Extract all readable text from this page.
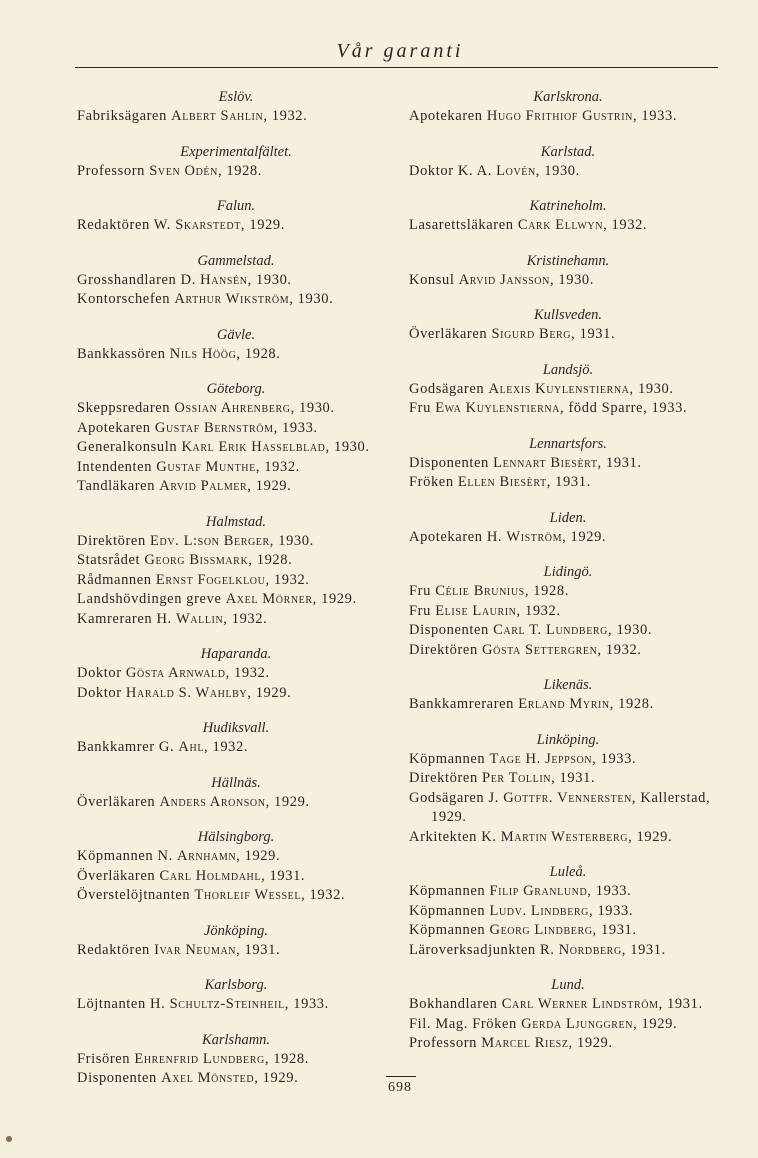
Vår garanti
Eslöv.
Fabriksägaren Albert Sahlin, 1932.
Experimentalfältet.
Professorn Sven Odén, 1928.
Falun.
Redaktören W. Skarstedt, 1929.
Gammelstad.
Grosshandlaren D. Hansén, 1930.
Kontorschefen Arthur Wikström, 1930.
Gävle.
Bankkassören Nils Höög, 1928.
Göteborg.
Skeppsredaren Ossian Ahrenberg, 1930.
Apotekaren Gustaf Bernström, 1933.
Generalkonsuln Karl Erik Hasselblad, 1930.
Intendenten Gustaf Munthe, 1932.
Tandläkaren Arvid Palmer, 1929.
Halmstad.
Direktören Edv. L:son Berger, 1930.
Statsrådet Georg Bissmark, 1928.
Rådmannen Ernst Fogelklou, 1932.
Landshövdingen greve Axel Mörner, 1929.
Kamreraren H. Wallin, 1932.
Haparanda.
Doktor Gösta Arnwald, 1932.
Doktor Harald S. Wahlby, 1929.
Hudiksvall.
Bankkamrer G. Ahl, 1932.
Hällnäs.
Överläkaren Anders Aronson, 1929.
Hälsingborg.
Köpmannen N. Arnhamn, 1929.
Överläkaren Carl Holmdahl, 1931.
Överstelöjtnanten Thorleif Wessel, 1932.
Jönköping.
Redaktören Ivar Neuman, 1931.
Karlsborg.
Löjtnanten H. Schultz-Steinheil, 1933.
Karlshamn.
Frisören Ehrenfrid Lundberg, 1928.
Disponenten Axel Mönsted, 1929.
Karlskrona.
Apotekaren Hugo Frithiof Gustrin, 1933.
Karlstad.
Doktor K. A. Lovén, 1930.
Katrineholm.
Lasarettsläkaren Cark Ellwyn, 1932.
Kristinehamn.
Konsul Arvid Jansson, 1930.
Kullsveden.
Överläkaren Sigurd Berg, 1931.
Landsjö.
Godsägaren Alexis Kuylenstierna, 1930.
Fru Ewa Kuylenstierna, född Sparre, 1933.
Lennartsfors.
Disponenten Lennart Biesèrt, 1931.
Fröken Ellen Biesèrt, 1931.
Liden.
Apotekaren H. Wiström, 1929.
Lidingö.
Fru Célie Brunius, 1928.
Fru Elise Laurin, 1932.
Disponenten Carl T. Lundberg, 1930.
Direktören Gösta Settergren, 1932.
Likenäs.
Bankkamreraren Erland Myrin, 1928.
Linköping.
Köpmannen Tage H. Jeppson, 1933.
Direktören Per Tollin, 1931.
Godsägaren J. Gottfr. Vennersten, Kallerstad, 1929.
Arkitekten K. Martin Westerberg, 1929.
Luleå.
Köpmannen Filip Granlund, 1933.
Köpmannen Ludv. Lindberg, 1933.
Köpmannen Georg Lindberg, 1931.
Läroverksadjunkten R. Nordberg, 1931.
Lund.
Bokhandlaren Carl Werner Lindström, 1931.
Fil. Mag. Fröken Gerda Ljunggren, 1929.
Professorn Marcel Riesz, 1929.
698
